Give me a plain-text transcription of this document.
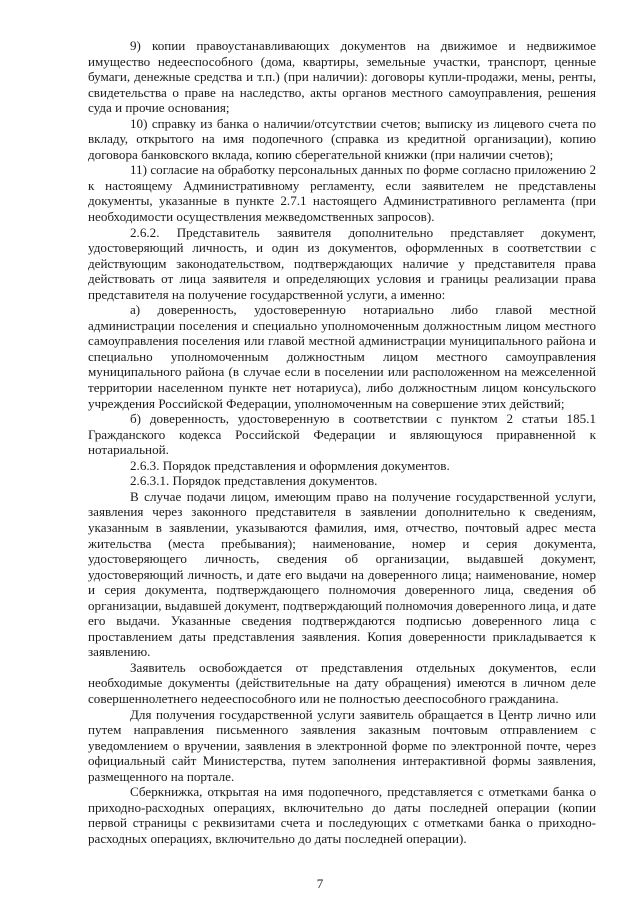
9) копии правоустанавливающих документов на движимое и недвижимое имущество недееспособного (дома, квартиры, земельные участки, транспорт, ценные бумаги, денежные средства и т.п.) (при наличии): договоры купли-продажи, мены, ренты, свидетельства о праве на наследство, акты органов местного самоуправления, решения суда и прочие основания;

10) справку из банка о наличии/отсутствии счетов; выписку из лицевого счета по вкладу, открытого на имя подопечного (справка из кредитной организации), копию договора банковского вклада, копию сберегательной книжки (при наличии счетов);

11) согласие на обработку персональных данных по форме согласно приложению 2 к настоящему Административному регламенту, если заявителем не представлены документы, указанные в пункте 2.7.1 настоящего Административного регламента (при необходимости осуществления межведомственных запросов).

2.6.2. Представитель заявителя дополнительно представляет документ, удостоверяющий личность, и один из документов, оформленных в соответствии с действующим законодательством, подтверждающих наличие у представителя права действовать от лица заявителя и определяющих условия и границы реализации права представителя на получение государственной услуги, а именно:

а) доверенность, удостоверенную нотариально либо главой местной администрации поселения и специально уполномоченным должностным лицом местного самоуправления поселения или главой местной администрации муниципального района и специально уполномоченным должностным лицом местного самоуправления муниципального района (в случае если в поселении или расположенном на межселенной территории населенном пункте нет нотариуса), либо должностным лицом консульского учреждения Российской Федерации, уполномоченным на совершение этих действий;

б) доверенность, удостоверенную в соответствии с пунктом 2 статьи 185.1 Гражданского кодекса Российской Федерации и являющуюся приравненной к нотариальной.

2.6.3. Порядок представления и оформления документов.

2.6.3.1. Порядок представления документов.

В случае подачи лицом, имеющим право на получение государственной услуги, заявления через законного представителя в заявлении дополнительно к сведениям, указанным в заявлении, указываются фамилия, имя, отчество, почтовый адрес места жительства (места пребывания); наименование, номер и серия документа, удостоверяющего личность, сведения об организации, выдавшей документ, удостоверяющий личность, и дате его выдачи на доверенного лица; наименование, номер и серия документа, подтверждающего полномочия доверенного лица, сведения об организации, выдавшей документ, подтверждающий полномочия доверенного лица, и дате его выдачи. Указанные сведения подтверждаются подписью доверенного лица с проставлением даты представления заявления. Копия доверенности прикладывается к заявлению.

Заявитель освобождается от представления отдельных документов, если необходимые документы (действительные на дату обращения) имеются в личном деле совершеннолетнего недееспособного или не полностью дееспособного гражданина.

Для получения государственной услуги заявитель обращается в Центр лично или путем направления письменного заявления заказным почтовым отправлением с уведомлением о вручении, заявления в электронной форме по электронной почте, через официальный сайт Министерства, путем заполнения интерактивной формы заявления, размещенного на портале.

Сберкнижка, открытая на имя подопечного, представляется с отметками банка о приходно-расходных операциях, включительно до даты последней операции (копии первой страницы с реквизитами счета и последующих с отметками банка о приходно-расходных операциях, включительно до даты последней операции).

7
